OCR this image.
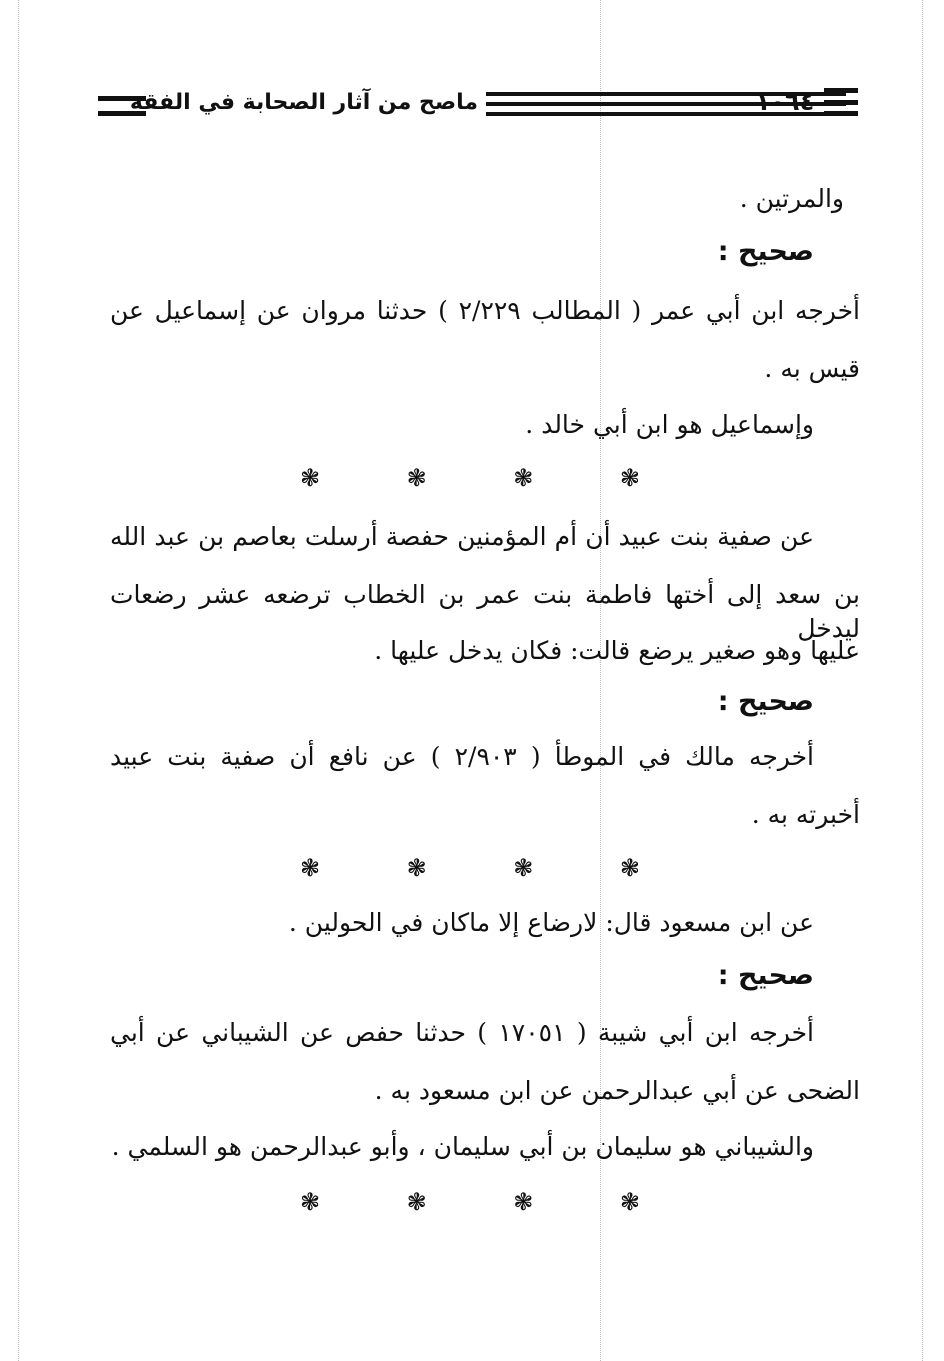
ماصح من آثار الصحابة في الفقه	١٠٦٤
والمرتين .
صحيح :
أخرجه ابن أبي عمر ( المطالب ٢/٢٢٩ ) حدثنا مروان عن إسماعيل عن
قيس به .
وإسماعيل هو ابن أبي خالد .
❃	❃	❃	❃
عن صفية بنت عبيد أن أم المؤمنين حفصة أرسلت بعاصم بن عبد الله
بن سعد إلى أختها فاطمة بنت عمر بن الخطاب ترضعه عشر رضعات ليدخل
عليها وهو صغير يرضع قالت: فكان يدخل عليها .
صحيح :
أخرجه مالك في الموطأ ( ٢/٩٠٣ ) عن نافع أن صفية بنت عبيد
أخبرته به .
❃	❃	❃	❃
عن ابن مسعود قال: لارضاع إلا ماكان في الحولين .
صحيح :
أخرجه ابن أبي شيبة ( ١٧٠٥١ ) حدثنا حفص عن الشيباني عن أبي
الضحى عن أبي عبدالرحمن عن ابن مسعود به .
والشيباني هو سليمان بن أبي سليمان ، وأبو عبدالرحمن هو السلمي .
❃	❃	❃	❃
